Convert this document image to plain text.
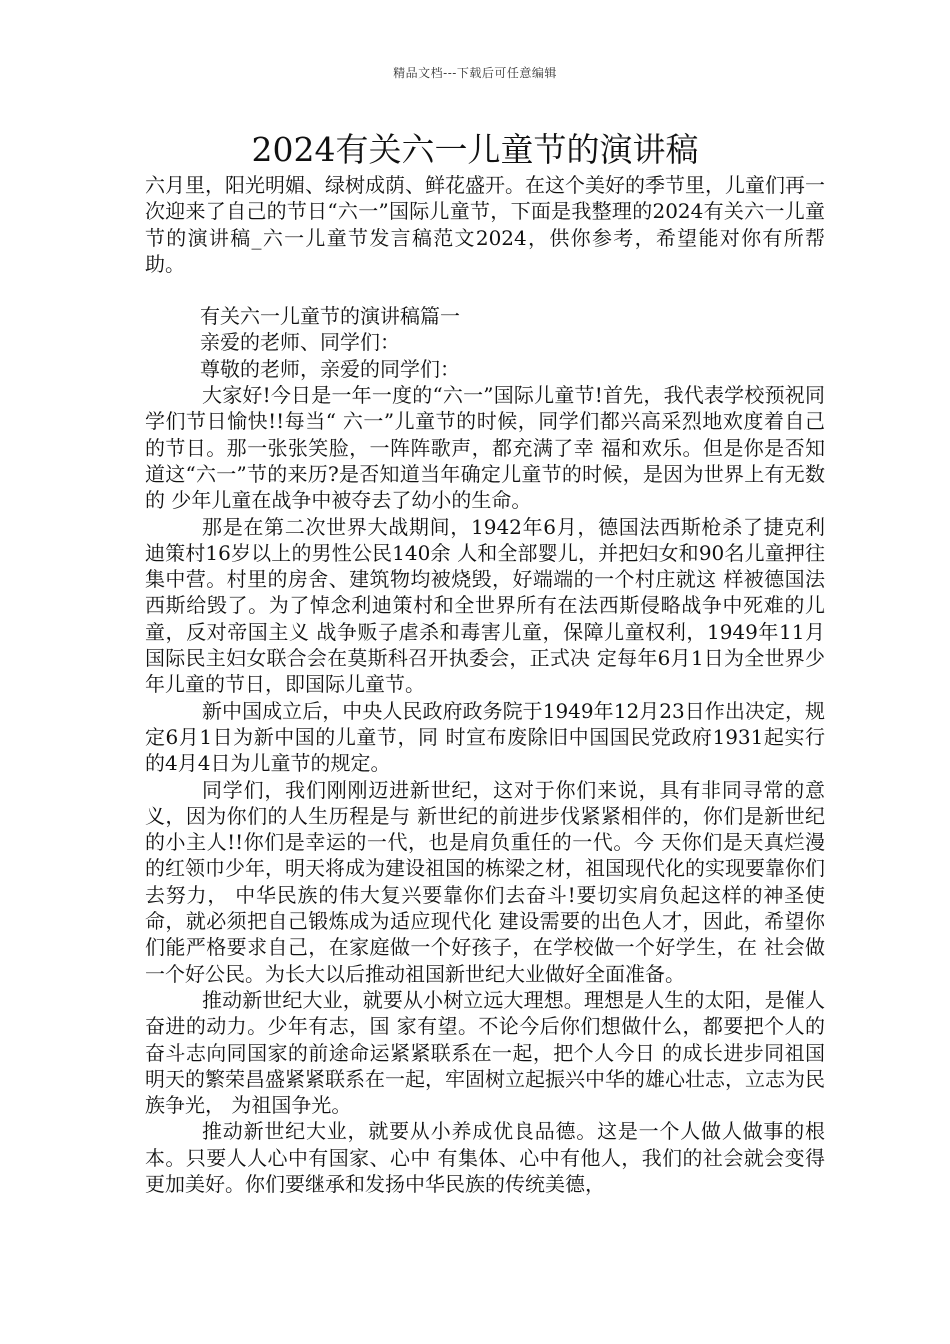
精品文档---下载后可任意编辑
2024有关六一儿童节的演讲稿

六月里，阳光明媚、绿树成荫、鲜花盛开。在这个美好的季节里，儿童们再一次迎来了自己的节日“六一”国际儿童节，下面是我整理的2024有关六一儿童节的演讲稿_六一儿童节发言稿范文2024，供你参考，希望能对你有所帮助。

有关六一儿童节的演讲稿篇一

亲爱的老师、同学们：

尊敬的老师，亲爱的同学们：

大家好!今日是一年一度的“六一”国际儿童节!首先，我代表学校预祝同学们节日愉快!!每当“ 六一”儿童节的时候，同学们都兴高采烈地欢度着自己的节日。那一张张笑脸，一阵阵歌声，都充满了幸 福和欢乐。但是你是否知道这“六一”节的来历?是否知道当年确定儿童节的时候，是因为世界上有无数的 少年儿童在战争中被夺去了幼小的生命。

那是在第二次世界大战期间，1942年6月，德国法西斯枪杀了捷克利迪策村16岁以上的男性公民140余 人和全部婴儿，并把妇女和90名儿童押往集中营。村里的房舍、建筑物均被烧毁，好端端的一个村庄就这 样被德国法西斯给毁了。为了悼念利迪策村和全世界所有在法西斯侵略战争中死难的儿童，反对帝国主义 战争贩子虐杀和毒害儿童，保障儿童权利，1949年11月国际民主妇女联合会在莫斯科召开执委会，正式决 定每年6月1日为全世界少年儿童的节日，即国际儿童节。

新中国成立后，中央人民政府政务院于1949年12月23日作出决定，规定6月1日为新中国的儿童节，同 时宣布废除旧中国国民党政府1931起实行的4月4日为儿童节的规定。

同学们，我们刚刚迈进新世纪，这对于你们来说，具有非同寻常的意义，因为你们的人生历程是与 新世纪的前进步伐紧紧相伴的，你们是新世纪的小主人!!你们是幸运的一代，也是肩负重任的一代。今 天你们是天真烂漫的红领巾少年，明天将成为建设祖国的栋梁之材，祖国现代化的实现要靠你们去努力， 中华民族的伟大复兴要靠你们去奋斗!要切实肩负起这样的神圣使命，就必须把自己锻炼成为适应现代化 建设需要的出色人才，因此，希望你们能严格要求自己，在家庭做一个好孩子，在学校做一个好学生，在 社会做一个好公民。为长大以后推动祖国新世纪大业做好全面准备。

推动新世纪大业，就要从小树立远大理想。理想是人生的太阳，是催人奋进的动力。少年有志，国 家有望。不论今后你们想做什么，都要把个人的奋斗志向同国家的前途命运紧紧联系在一起，把个人今日 的成长进步同祖国明天的繁荣昌盛紧紧联系在一起，牢固树立起振兴中华的雄心壮志，立志为民族争光， 为祖国争光。

推动新世纪大业，就要从小养成优良品德。这是一个人做人做事的根本。只要人人心中有国家、心中 有集体、心中有他人，我们的社会就会变得更加美好。你们要继承和发扬中华民族的传统美德，
